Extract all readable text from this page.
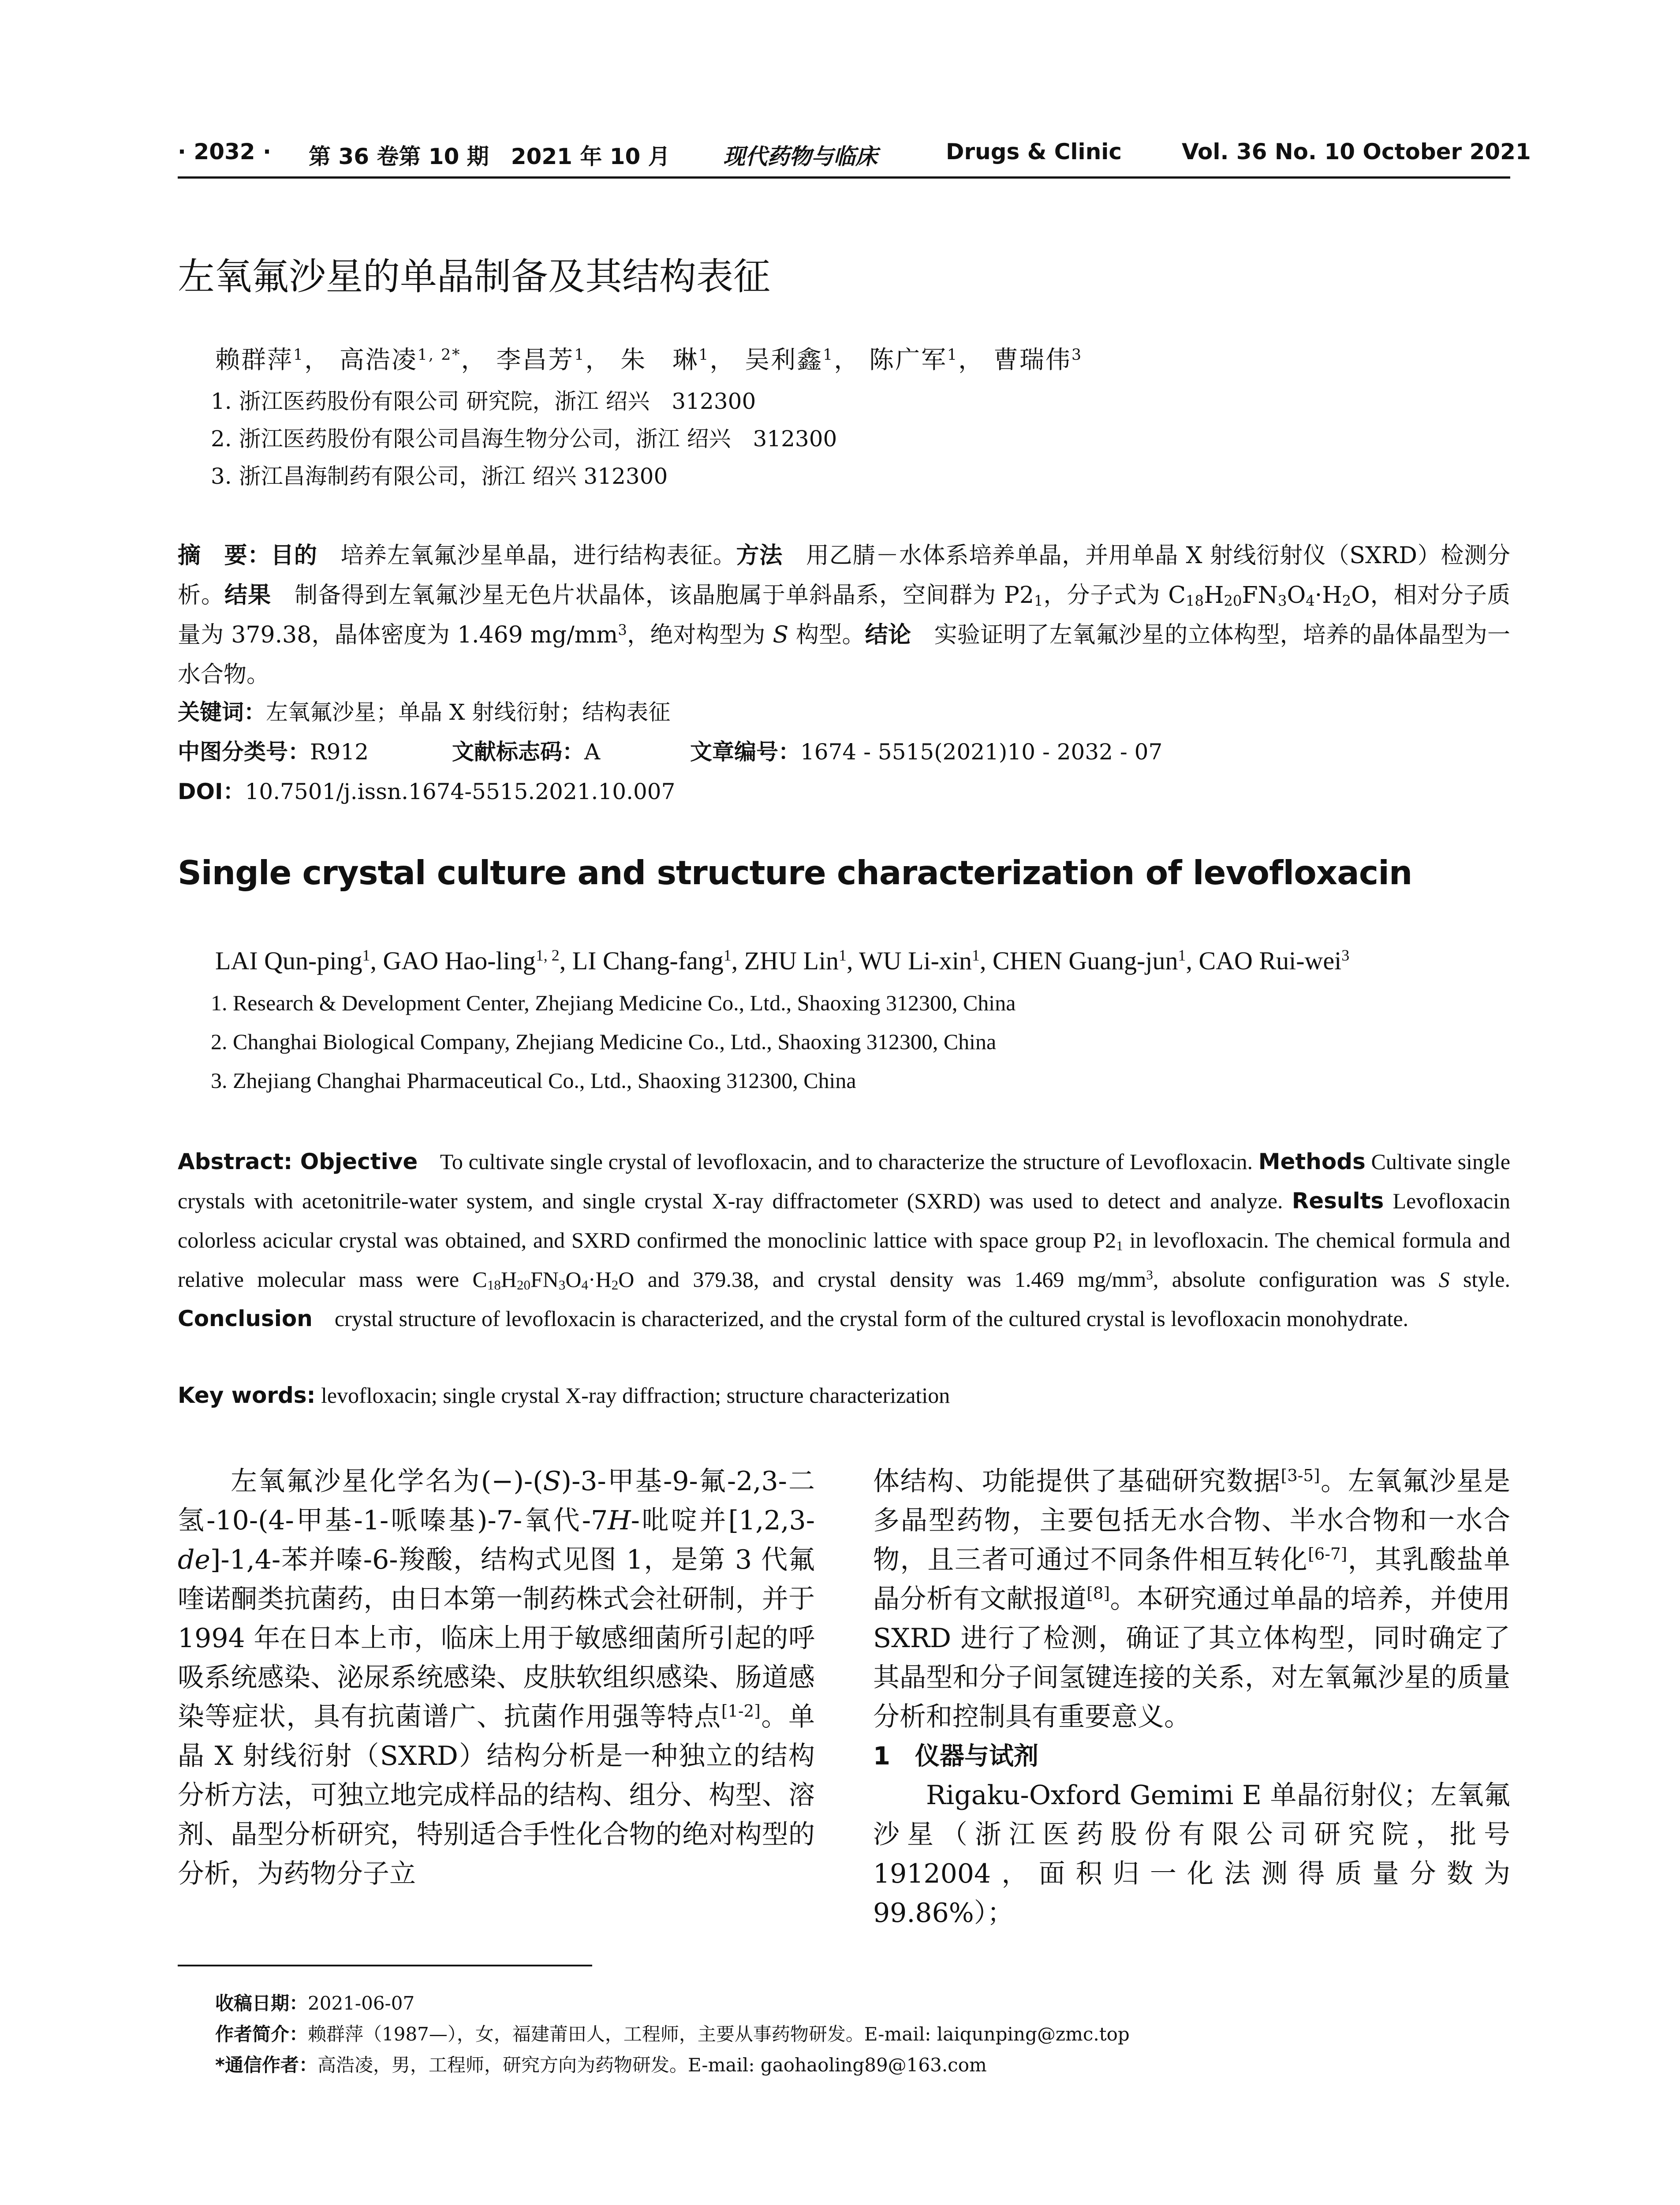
· 2032 · 第 36 卷第 10 期　2021 年 10 月 现代药物与临床	Drugs & Clinic	Vol. 36 No. 10 October 2021
左氧氟沙星的单晶制备及其结构表征
赖群萍$^1$， 高浩凌$^{1, 2*}$， 李昌芳$^1$， 朱　琳$^1$， 吴利鑫$^1$， 陈广军$^1$， 曹瑞伟$^3$
1. 浙江医药股份有限公司 研究院，浙江 绍兴　312300
2. 浙江医药股份有限公司昌海生物分公司，浙江 绍兴　312300
3. 浙江昌海制药有限公司，浙江 绍兴 312300
摘　要：目的　培养左氧氟沙星单晶，进行结构表征。方法　用乙腈－水体系培养单晶，并用单晶 X 射线衍射仪（SXRD）检测分析。结果　制备得到左氧氟沙星无色片状晶体，该晶胞属于单斜晶系，空间群为 $P2_1$，分子式为 $C_{18}H_{20}FN_3O_4\cdot H_2O$，相对分子质量为 379.38，晶体密度为 1.469 $mg/mm^3$，绝对构型为 S 构型。结论　实验证明了左氧氟沙星的立体构型，培养的晶体晶型为一水合物。
关键词：左氧氟沙星；单晶 X 射线衍射；结构表征
中图分类号：R912	文献标志码：A	文章编号：1674 - 5515(2021)10 - 2032 - 07
DOI：10.7501/j.issn.1674-5515.2021.10.007
Single crystal culture and structure characterization of levofloxacin
LAI Qun-ping$^1$, GAO Hao-ling$^{1, 2}$, LI Chang-fang$^1$, ZHU Lin$^1$, WU Li-xin$^1$, CHEN Guang-jun$^1$, CAO Rui-wei$^3$
1. Research & Development Center, Zhejiang Medicine Co., Ltd., Shaoxing 312300, China
2. Changhai Biological Company, Zhejiang Medicine Co., Ltd., Shaoxing 312300, China
3. Zhejiang Changhai Pharmaceutical Co., Ltd., Shaoxing 312300, China
Abstract: Objective　To cultivate single crystal of levofloxacin, and to characterize the structure of Levofloxacin. Methods Cultivate single crystals with acetonitrile-water system, and single crystal X-ray diffractometer (SXRD) was used to detect and analyze. Results Levofloxacin colorless acicular crystal was obtained, and SXRD confirmed the monoclinic lattice with space group $P2_1$ in levofloxacin. The chemical formula and relative molecular mass were $C_{18}H_{20}FN_3O_4\cdot H_2O$ and 379.38, and crystal density was 1.469 $mg/mm^3$, absolute configuration was S style. Conclusion　crystal structure of levofloxacin is characterized, and the crystal form of the cultured crystal is levofloxacin monohydrate.
Key words: levofloxacin; single crystal X-ray diffraction; structure characterization

左氧氟沙星化学名为(−)-(S)-3-甲基-9-氟-2,3-二氢-10-(4-甲基-1-哌嗪基)-7-氧代-7H-吡啶并[1,2,3-de]-1,4-苯并嗪-6-羧酸，结构式见图 1，是第 3 代氟喹诺酮类抗菌药，由日本第一制药株式会社研制，并于 1994 年在日本上市，临床上用于敏感细菌所引起的呼吸系统感染、泌尿系统感染、皮肤软组织感染、肠道感染等症状，具有抗菌谱广、抗菌作用强等特点[1-2]。单晶 X 射线衍射（SXRD）结构分析是一种独立的结构分析方法，可独立地完成样品的结构、组分、构型、溶剂、晶型分析研究，特别适合手性化合物的绝对构型的分析，为药物分子立

体结构、功能提供了基础研究数据[3-5]。左氧氟沙星是多晶型药物，主要包括无水合物、半水合物和一水合物，且三者可通过不同条件相互转化[6-7]，其乳酸盐单晶分析有文献报道[8]。本研究通过单晶的培养，并使用 SXRD 进行了检测，确证了其立体构型，同时确定了其晶型和分子间氢键连接的关系，对左氧氟沙星的质量分析和控制具有重要意义。

1　仪器与试剂

Rigaku-Oxford Gemimi E 单晶衍射仪；左氧氟沙星（浙江医药股份有限公司研究院，批号 1912004，面积归一化法测得质量分数为 99.86%）；

收稿日期：2021-06-07
作者简介：赖群萍（1987—），女，福建莆田人，工程师，主要从事药物研发。E-mail: laiqunping@zmc.top
*通信作者：高浩凌，男，工程师，研究方向为药物研发。E-mail: gaohaoling89@163.com
